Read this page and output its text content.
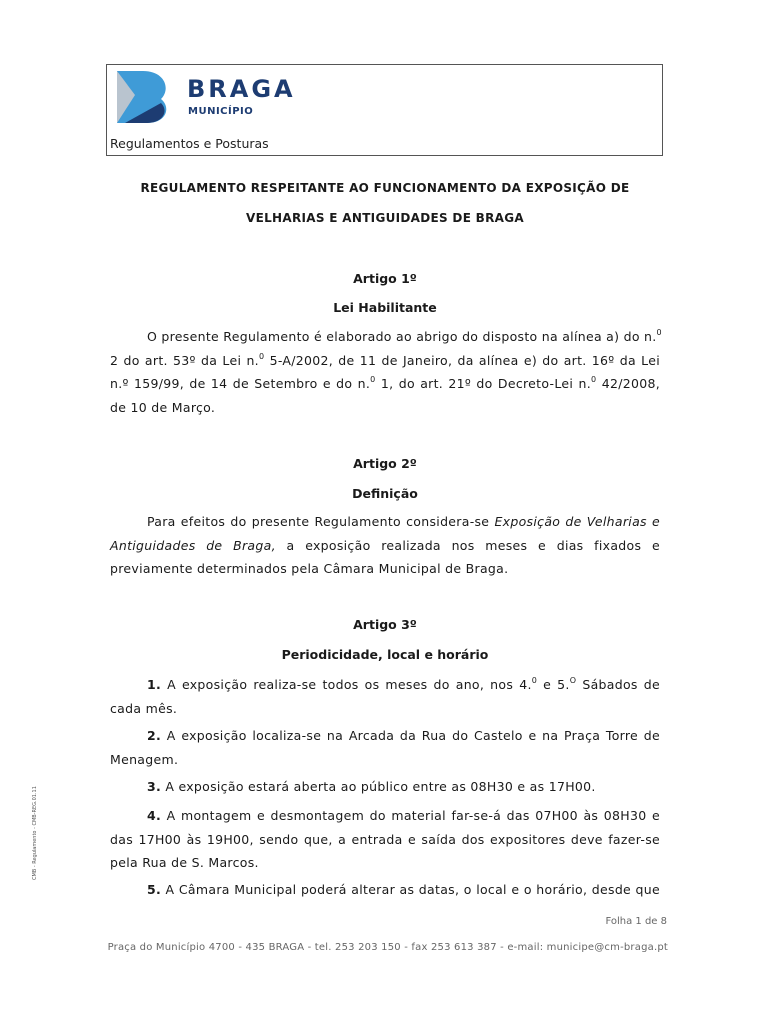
BRAGA
MUNICÍPIO
Regulamentos e Posturas
REGULAMENTO RESPEITANTE AO FUNCIONAMENTO DA EXPOSIÇÃO DE
VELHARIAS E ANTIGUIDADES DE BRAGA
Artigo 1º
Lei Habilitante
O presente Regulamento é elaborado ao abrigo do disposto na alínea a) do n.$^0$
2 do art. 53º da Lei n.$^0$ 5-A/2002, de 11 de Janeiro, da alínea e) do art. 16º da Lei
n.º 159/99, de 14 de Setembro e do n.$^0$ 1, do art. 21º do Decreto-Lei n.$^0$ 42/2008,
de 10 de Março.
Artigo 2º
Definição
Para efeitos do presente Regulamento considera-se Exposição de Velharias e
Antiguidades de Braga, a exposição realizada nos meses e dias fixados e
previamente determinados pela Câmara Municipal de Braga.
Artigo 3º
Periodicidade, local e horário
1. A exposição realiza-se todos os meses do ano, nos 4.$^0$ e 5.$^O$ Sábados de
cada mês.
2. A exposição localiza-se na Arcada da Rua do Castelo e na Praça Torre de
Menagem.
3. A exposição estará aberta ao público entre as 08H30 e as 17H00.
4. A montagem e desmontagem do material far-se-á das 07H00 às 08H30 e
das 17H00 às 19H00, sendo que, a entrada e saída dos expositores deve fazer-se
pela Rua de S. Marcos.
5. A Câmara Municipal poderá alterar as datas, o local e o horário, desde que
CMB - Regulamento - CMB-REG.01.11
Folha 1 de 8
Praça do Município 4700 - 435 BRAGA - tel. 253 203 150 - fax 253 613 387 - e-mail: municipe@cm-braga.pt
